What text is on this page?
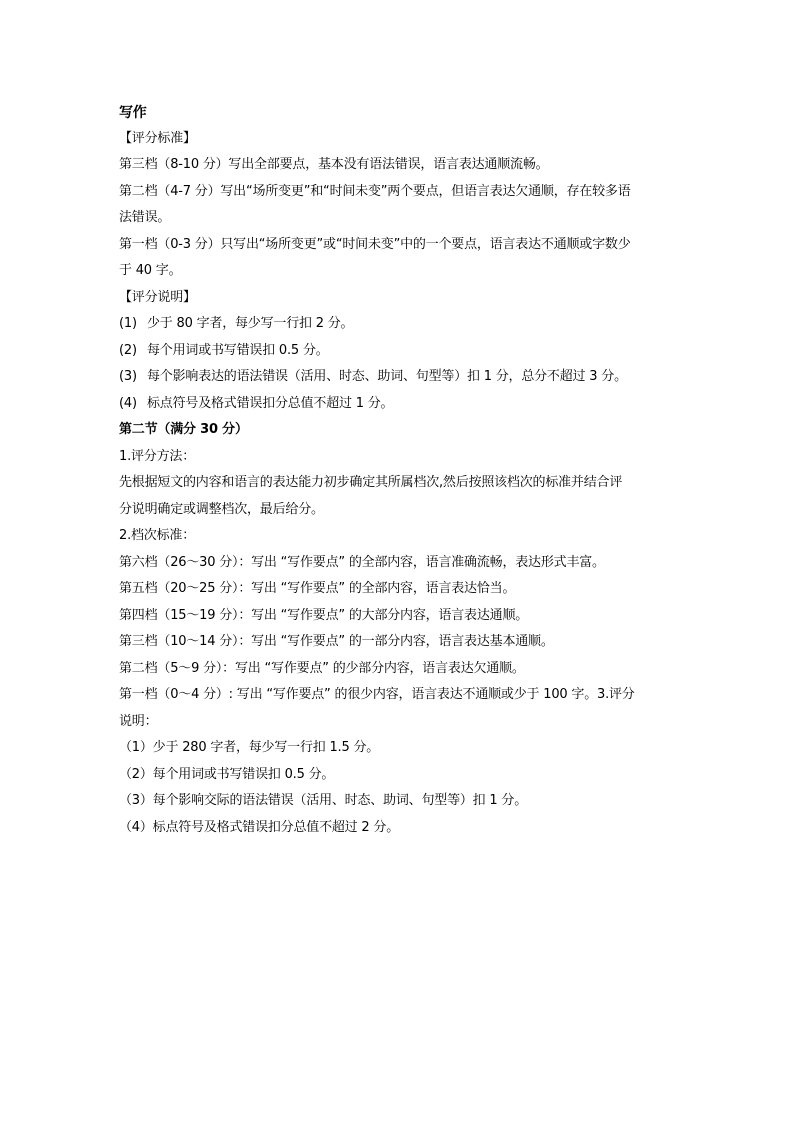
写作
【评分标准】
第三档（8-10 分）写出全部要点，基本没有语法错误，语言表达通顺流畅。
第二档（4-7 分）写出“场所变更”和“时间未变”两个要点，但语言表达欠通顺，存在较多语
法错误。
第一档（0-3 分）只写出“场所变更”或“时间未变”中的一个要点，语言表达不通顺或字数少
于 40 字。
【评分说明】
(1) 少于 80 字者，每少写一行扣 2 分。
(2) 每个用词或书写错误扣 0.5 分。
(3) 每个影响表达的语法错误（活用、时态、助词、句型等）扣 1 分，总分不超过 3 分。
(4) 标点符号及格式错误扣分总值不超过 1 分。
第二节（满分 30 分）
1.评分方法：
先根据短文的内容和语言的表达能力初步确定其所属档次,然后按照该档次的标准并结合评
分说明确定或调整档次，最后给分。
2.档次标准：
第六档（26～30 分）：写出 “写作要点” 的全部内容，语言准确流畅，表达形式丰富。
第五档（20～25 分）：写出 “写作要点” 的全部内容，语言表达恰当。
第四档（15～19 分）：写出 “写作要点” 的大部分内容，语言表达通顺。
第三档（10～14 分）：写出 “写作要点” 的一部分内容，语言表达基本通顺。
第二档（5～9 分）：写出 “写作要点” 的少部分内容，语言表达欠通顺。
第一档（0～4 分）: 写出 “写作要点” 的很少内容，语言表达不通顺或少于 100 字。3.评分
说明：
（1）少于 280 字者，每少写一行扣 1.5 分。
（2）每个用词或书写错误扣 0.5 分。
（3）每个影响交际的语法错误（活用、时态、助词、句型等）扣 1 分。
（4）标点符号及格式错误扣分总值不超过 2 分。
